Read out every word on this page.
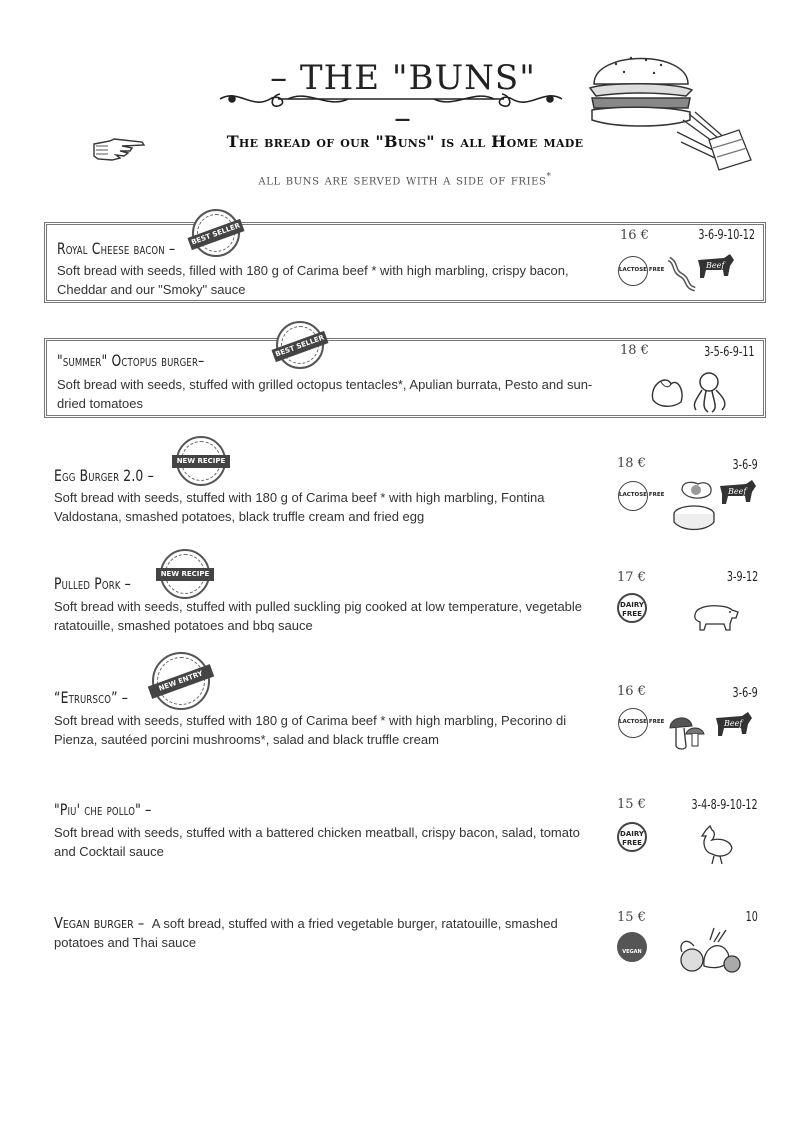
– THE "BUNS" –
The bread of our "Buns" is all Home made
all buns are served with a side of fries*
Royal Cheese bacon –
Soft bread with seeds, filled with 180 g of Carima beef * with high marbling, crispy bacon, Cheddar and our "Smoky" sauce
16 €	3-6-9-10-12
BEST SELLER
LACTOSE FREE	Beef
"summer" Octopus burger–
Soft bread with seeds, stuffed with grilled octopus tentacles*, Apulian burrata, Pesto and sun-dried tomatoes
18 €	3-5-6-9-11
BEST SELLER
Egg Burger 2.0 –
Soft bread with seeds, stuffed with 180 g of Carima beef * with high marbling, Fontina Valdostana, smashed potatoes, black truffle cream and fried egg
18 €	3-6-9
NEW RECIPE
LACTOSE FREE	Beef
Pulled Pork –
Soft bread with seeds, stuffed with pulled suckling pig cooked at low temperature, vegetable ratatouille, smashed potatoes and bbq sauce
17 €	3-9-12
NEW RECIPE
DAIRY
FREE
“Etrursco” –
Soft bread with seeds, stuffed with 180 g of Carima beef * with high marbling, Pecorino di Pienza, sautéed porcini mushrooms*, salad and black truffle cream
16 €	3-6-9
NEW ENTRY
LACTOSE FREE	Beef
"Piu' che pollo" –
Soft bread with seeds, stuffed with a battered chicken meatball, crispy bacon, salad, tomato and Cocktail sauce
15 €	3-4-8-9-10-12
DAIRY
FREE
Vegan burger – A soft bread, stuffed with a fried vegetable burger, ratatouille, smashed potatoes and Thai sauce
15 €	10
VEGAN
